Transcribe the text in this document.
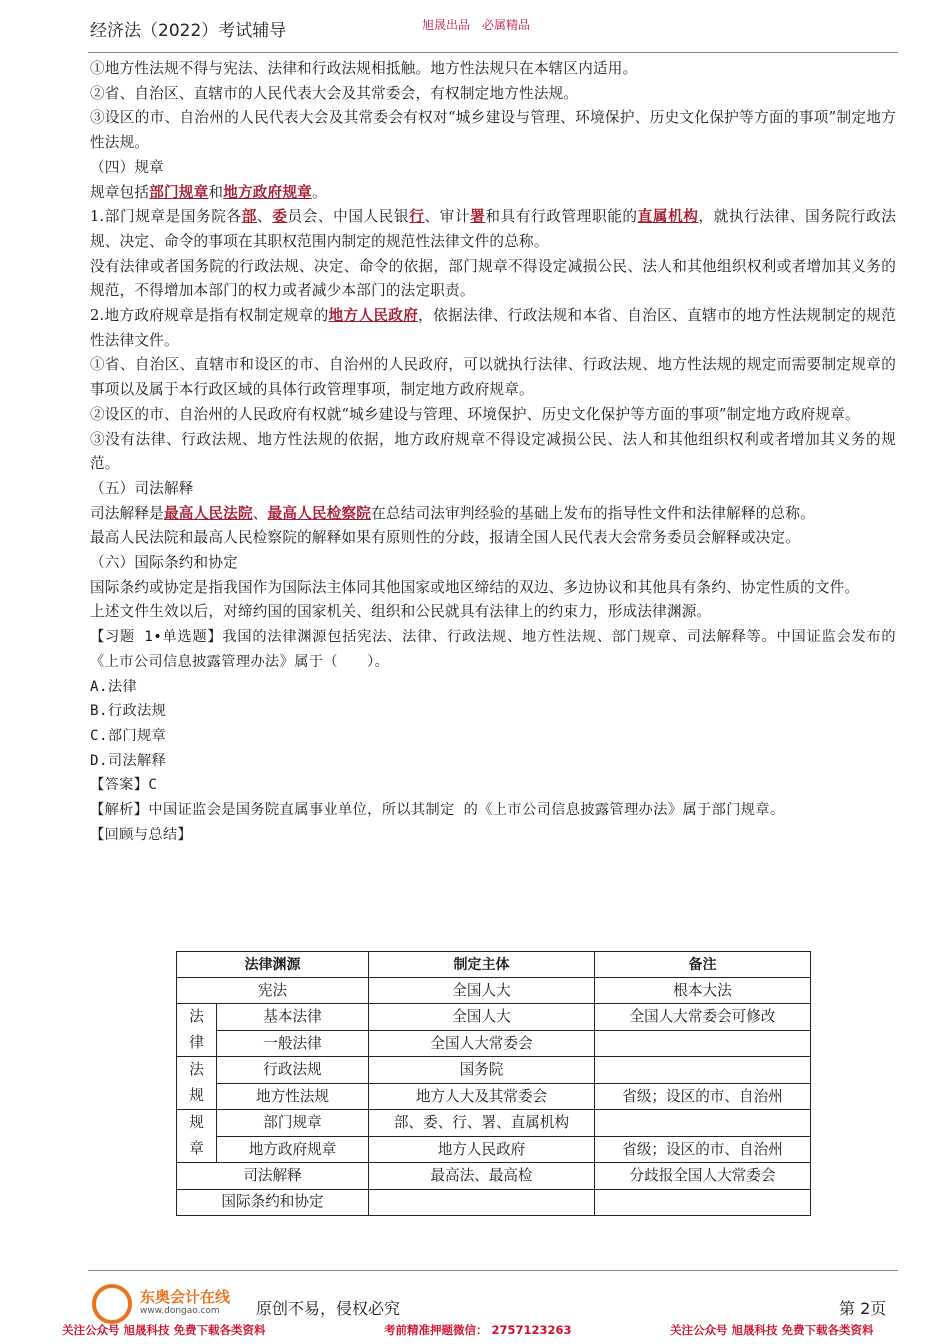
经济法（2022）考试辅导	旭晟出品　必属精品

①地方性法规不得与宪法、法律和行政法规相抵触。地方性法规只在本辖区内适用。

②省、自治区、直辖市的人民代表大会及其常委会，有权制定地方性法规。

③设区的市、自治州的人民代表大会及其常委会有权对“城乡建设与管理、环境保护、历史文化保护等方面的事项”制定地方性法规。

（四）规章

规章包括部门规章和地方政府规章。

1.部门规章是国务院各部、委员会、中国人民银行、审计署和具有行政管理职能的直属机构，就执行法律、国务院行政法规、决定、命令的事项在其职权范围内制定的规范性法律文件的总称。

没有法律或者国务院的行政法规、决定、命令的依据，部门规章不得设定减损公民、法人和其他组织权利或者增加其义务的规范，不得增加本部门的权力或者减少本部门的法定职责。

2.地方政府规章是指有权制定规章的地方人民政府，依据法律、行政法规和本省、自治区、直辖市的地方性法规制定的规范性法律文件。

①省、自治区、直辖市和设区的市、自治州的人民政府，可以就执行法律、行政法规、地方性法规的规定而需要制定规章的事项以及属于本行政区域的具体行政管理事项，制定地方政府规章。

②设区的市、自治州的人民政府有权就“城乡建设与管理、环境保护、历史文化保护等方面的事项”制定地方政府规章。

③没有法律、行政法规、地方性法规的依据，地方政府规章不得设定减损公民、法人和其他组织权利或者增加其义务的规范。

（五）司法解释

司法解释是最高人民法院、最高人民检察院在总结司法审判经验的基础上发布的指导性文件和法律解释的总称。

最高人民法院和最高人民检察院的解释如果有原则性的分歧，报请全国人民代表大会常务委员会解释或决定。

（六）国际条约和协定

国际条约或协定是指我国作为国际法主体同其他国家或地区缔结的双边、多边协议和其他具有条约、协定性质的文件。

上述文件生效以后，对缔约国的国家机关、组织和公民就具有法律上的约束力，形成法律渊源。

【习题 1•单选题】我国的法律渊源包括宪法、法律、行政法规、地方性法规、部门规章、司法解释等。中国证监会发布的《上市公司信息披露管理办法》属于（　　）。

A.法律

B.行政法规

C.部门规章

D.司法解释

【答案】C

【解析】中国证监会是国务院直属事业单位，所以其制定 的《上市公司信息披露管理办法》属于部门规章。

【回顾与总结】

法律渊源		制定主体	备注
宪法		全国人大	根本大法
法
律	基本法律	全国人大	全国人大常委会可修改
	一般法律	全国人大常委会	
法
规	行政法规	国务院	
	地方性法规	地方人大及其常委会	省级；设区的市、自治州
规
章	部门规章	部、委、行、署、直属机构	
	地方政府规章	地方人民政府	省级；设区的市、自治州
司法解释		最高法、最高检	分歧报全国人大常委会
国际条约和协定			
东奥会计在线
www.dongao.com 原创不易，侵权必究	第 2页
关注公众号 旭晟科技 免费下载各类资料	考前精准押题微信： 2757123263	关注公众号 旭晟科技 免费下载各类资料
